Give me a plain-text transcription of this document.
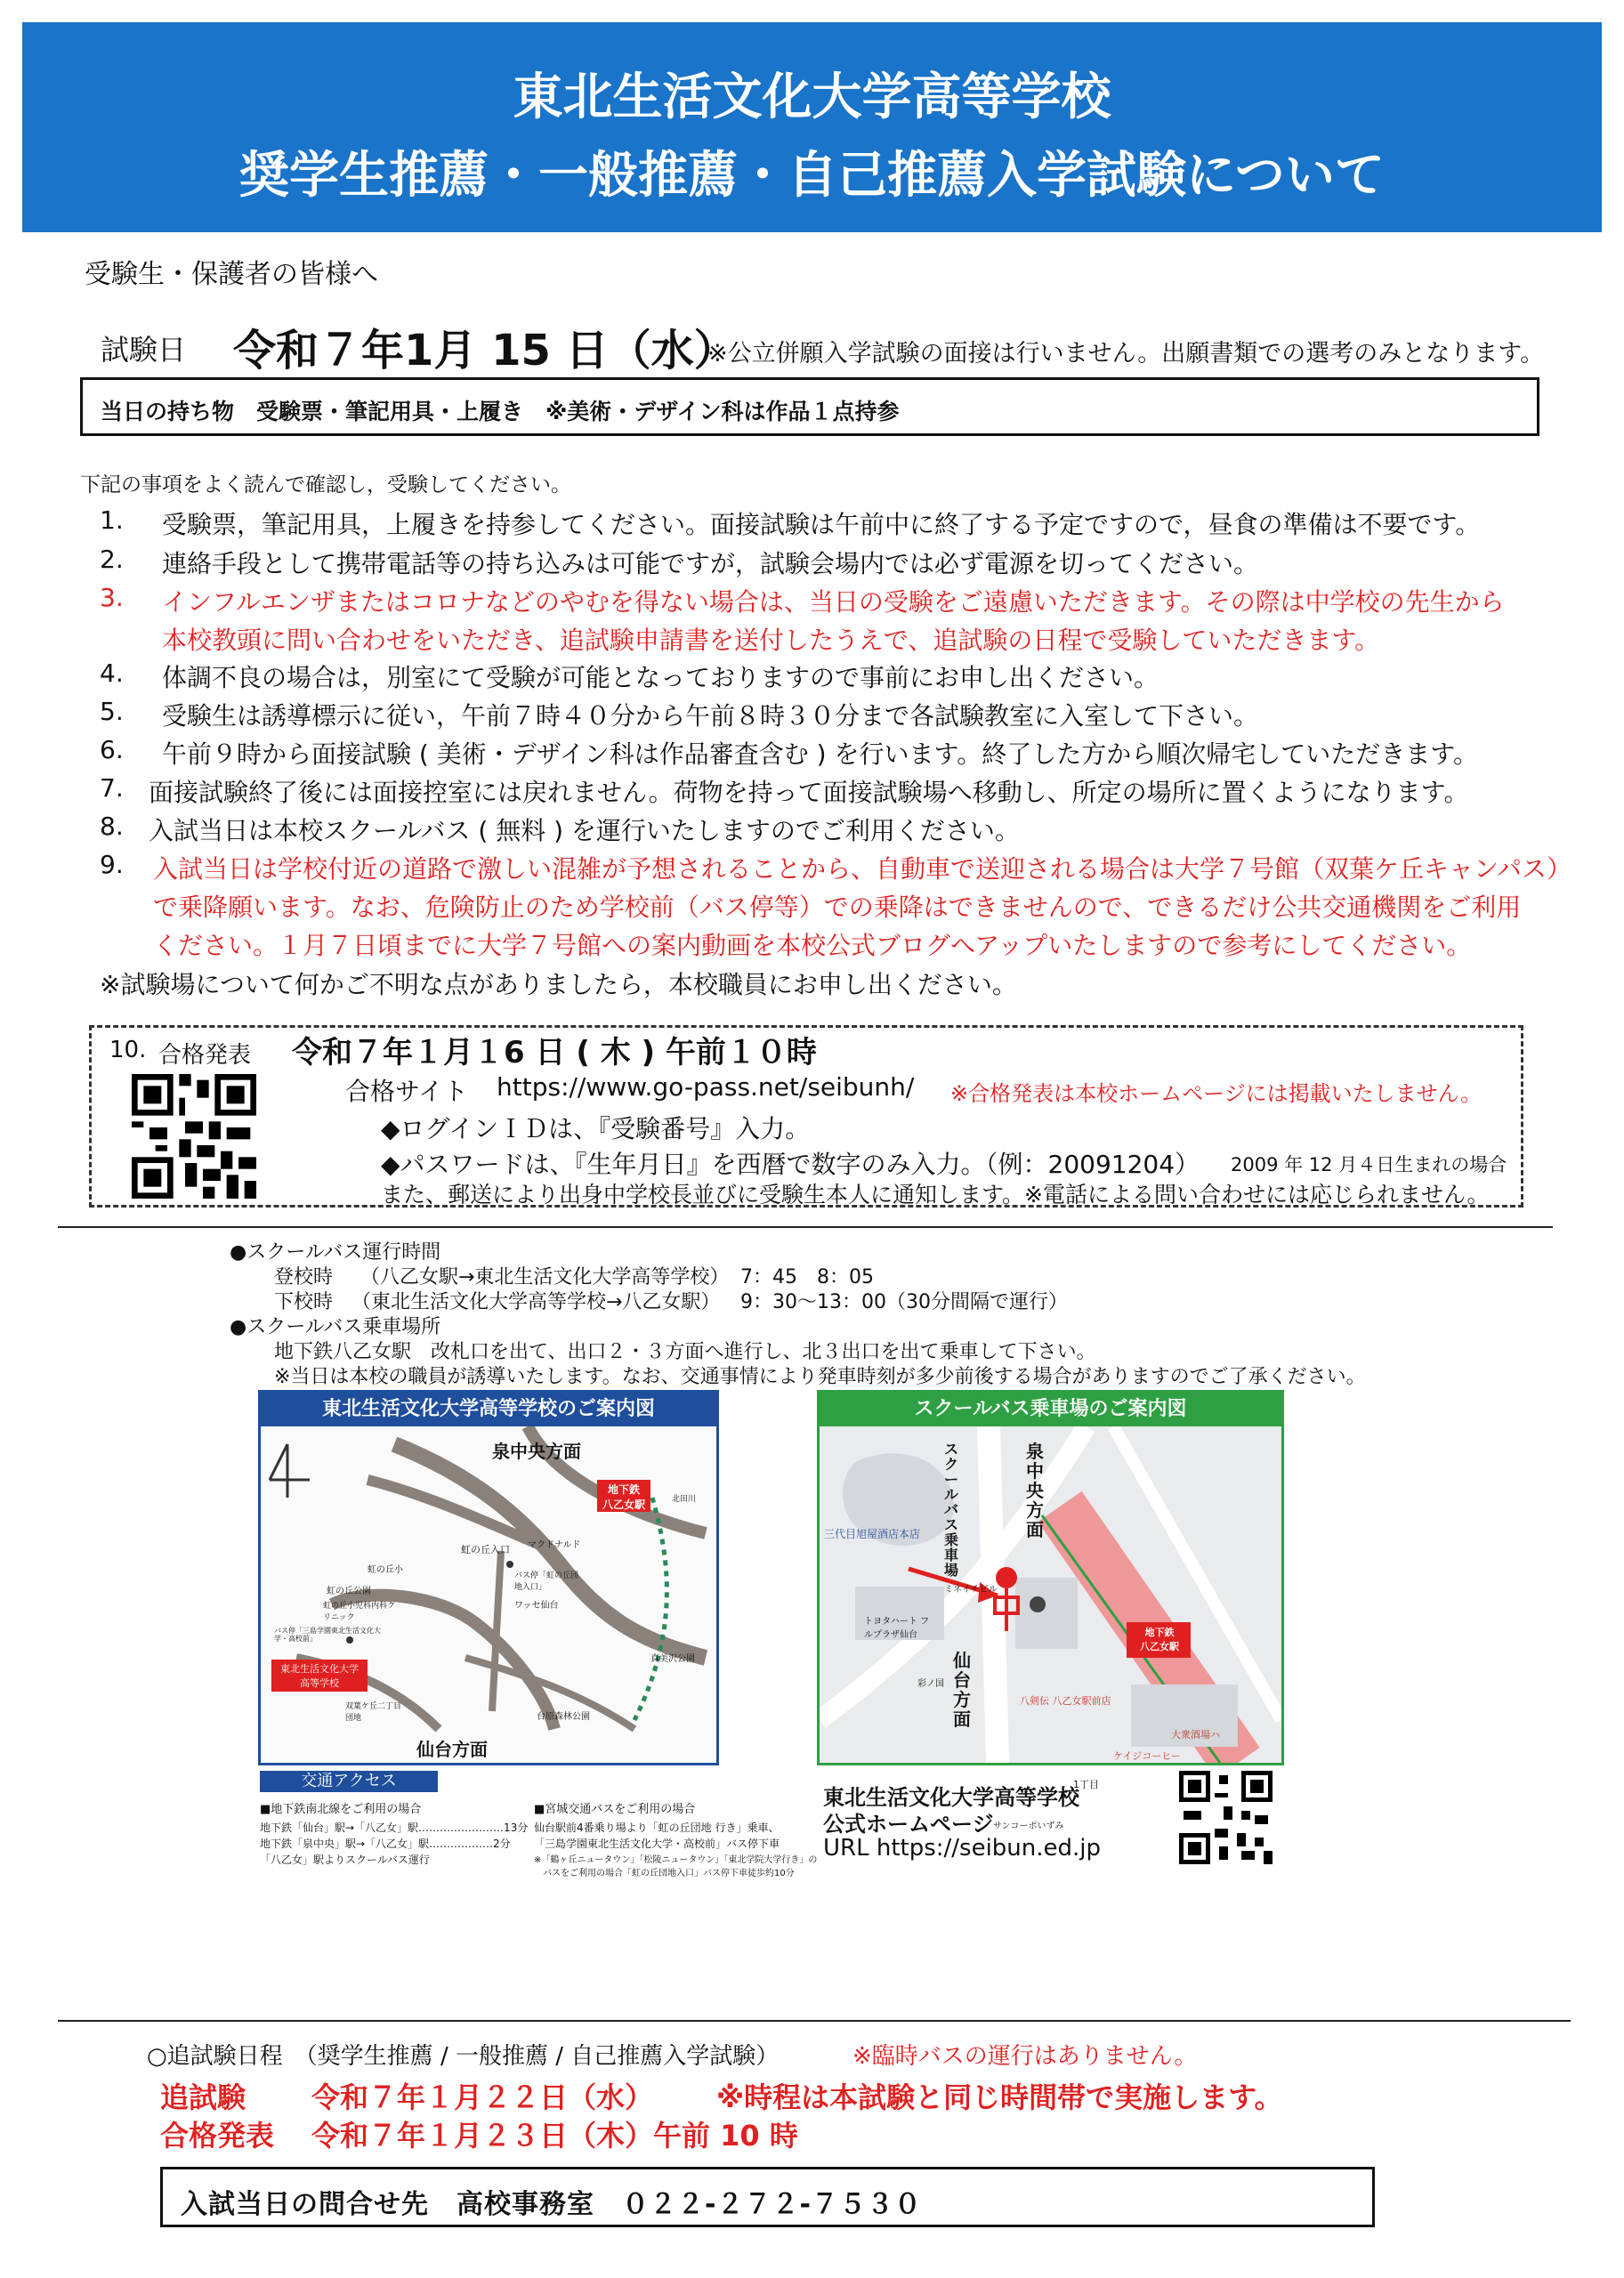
東北生活文化大学高等学校
奨学生推薦・一般推薦・自己推薦入学試験について
受験生・保護者の皆様へ
試験日 令和７年1月 15 日（水）
※公立併願入学試験の面接は行いません。出願書類での選考のみとなります。
当日の持ち物　受験票・筆記用具・上履き　※美術・デザイン科は作品１点持参
下記の事項をよく読んで確認し，受験してください。
1. 受験票，筆記用具，上履きを持参してください。面接試験は午前中に終了する予定ですので，昼食の準備は不要です。
2. 連絡手段として携帯電話等の持ち込みは可能ですが，試験会場内では必ず電源を切ってください。
3. インフルエンザまたはコロナなどのやむを得ない場合は、当日の受験をご遠慮いただきます。その際は中学校の先生から
本校教頭に問い合わせをいただき、追試験申請書を送付したうえで、追試験の日程で受験していただきます。
4. 体調不良の場合は，別室にて受験が可能となっておりますので事前にお申し出ください。
5. 受験生は誘導標示に従い，午前７時４０分から午前８時３０分まで各試験教室に入室して下さい。
6. 午前９時から面接試験 ( 美術・デザイン科は作品審査含む ) を行います。終了した方から順次帰宅していただきます。
7. 面接試験終了後には面接控室には戻れません。荷物を持って面接試験場へ移動し、所定の場所に置くようになります。
8. 入試当日は本校スクールバス ( 無料 ) を運行いたしますのでご利用ください。
9. 入試当日は学校付近の道路で激しい混雑が予想されることから、自動車で送迎される場合は大学７号館（双葉ケ丘キャンパス）
で乗降願います。なお、危険防止のため学校前（バス停等）での乗降はできませんので、できるだけ公共交通機関をご利用
ください。１月７日頃までに大学７号館への案内動画を本校公式ブログへアップいたしますので参考にしてください。
※試験場について何かご不明な点がありましたら，本校職員にお申し出ください。
10. 合格発表 令和７年１月１6 日 ( 木 ) 午前１０時
合格サイト https://www.go-pass.net/seibunh/ ※合格発表は本校ホームページには掲載いたしません。
◆ログインＩＤは、『受験番号』入力。
◆パスワードは、『生年月日』を西暦で数字のみ入力。（例：20091204） 2009 年 12 月４日生まれの場合
また、郵送により出身中学校長並びに受験生本人に通知します。※電話による問い合わせには応じられません。
●スクールバス運行時間
登校時 （八乙女駅→東北生活文化大学高等学校） 7：45　8：05
下校時 （東北生活文化大学高等学校→八乙女駅） 9：30～13：00（30分間隔で運行）
●スクールバス乗車場所
地下鉄八乙女駅　改札口を出て、出口２・３方面へ進行し、北３出口を出て乗車して下さい。
※当日は本校の職員が誘導いたします。なお、交通事情により発車時刻が多少前後する場合がありますのでご了承ください。
東北生活文化大学高等学校のご案内図
泉中央方面
仙台方面
地下鉄
八乙女駅
東北生活文化大学
高等学校
虹の丘入口 マクドナルド
虹の丘小
虹の丘公園
虹の丘小児科内科クリニック
バス停「虹の丘団地入口」
ワッセ仙台
台原森林公園
双葉ケ丘二丁目団地
真美沢公園
北田川
バス停「三島学園東北生活文化大学・高校前」
交通アクセス
■地下鉄南北線をご利用の場合
地下鉄「仙台」駅→「八乙女」駅……………………13分
地下鉄「泉中央」駅→「八乙女」駅………………2分
「八乙女」駅よりスクールバス運行
■宮城交通バスをご利用の場合
仙台駅前4番乗り場より「虹の丘団地 行き」乗車、
「三島学園東北生活文化大学・高校前」バス停下車
※「鶴ヶ丘ニュータウン」「松陵ニュータウン」「東北学院大学行き」の
　バスをご利用の場合「虹の丘団地入口」バス停下車徒歩約10分
スクールバス乗車場のご案内図
泉中央方面
仙台方面
スクールバス乗車場
地下鉄
八乙女駅
三代目旭屋酒店本店
ミネイチビル
トヨタハート フルプラザ仙台
八剣伝 八乙女駅前店
大衆酒場ハ
ケイジコーヒー
1丁目
サンコーポいずみ
彩ノ国
東北生活文化大学高等学校
公式ホームページ
URL https://seibun.ed.jp
○追試験日程　（奨学生推薦 / 一般推薦 / 自己推薦入学試験）	※臨時バスの運行はありません。
追試験 令和７年１月２２日（水） ※時程は本試験と同じ時間帯で実施します。
合格発表 令和７年１月２３日（木）午前 10 時
入試当日の問合せ先　高校事務室　０２２-２７２-７５３０
